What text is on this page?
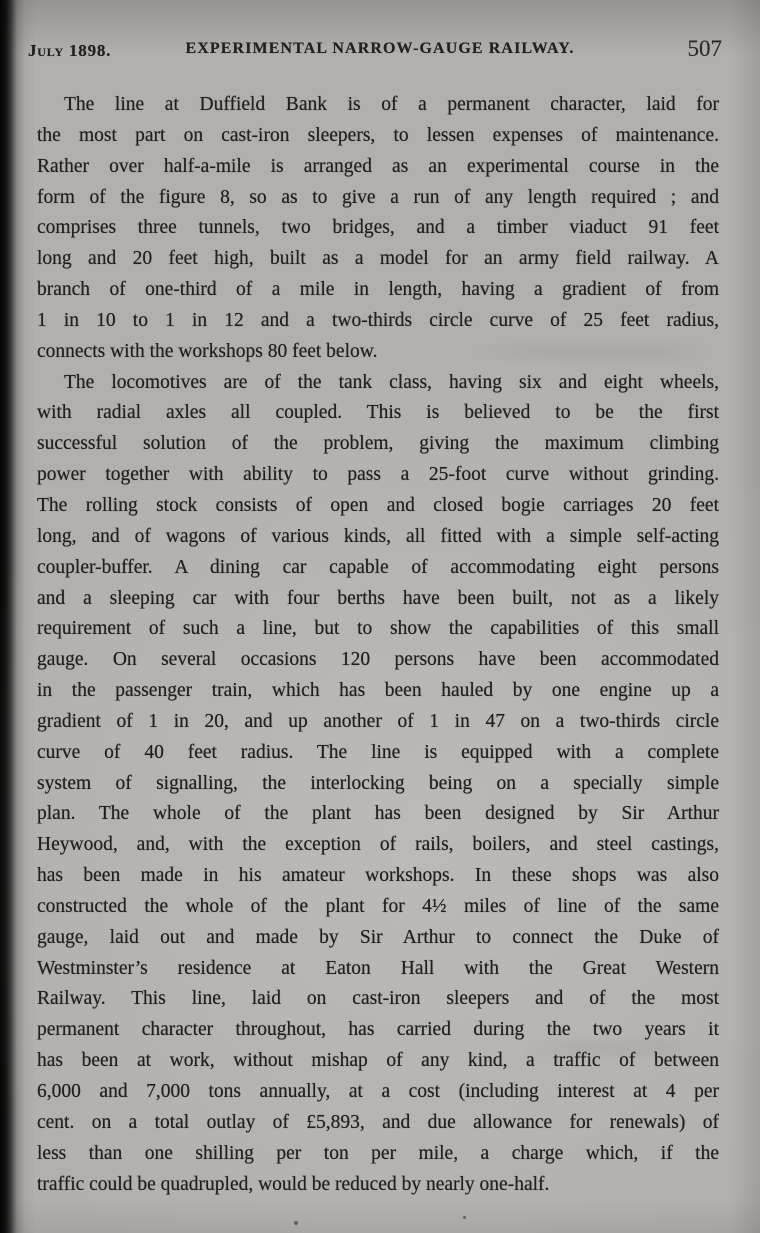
July 1898.	EXPERIMENTAL NARROW-GAUGE RAILWAY.	507
The line at Duffield Bank is of a permanent character, laid for
the most part on cast-iron sleepers, to lessen expenses of maintenance.
Rather over half-a-mile is arranged as an experimental course in the
form of the figure 8, so as to give a run of any length required ; and
comprises three tunnels, two bridges, and a timber viaduct 91 feet
long and 20 feet high, built as a model for an army field railway. A
branch of one-third of a mile in length, having a gradient of from
1 in 10 to 1 in 12 and a two-thirds circle curve of 25 feet radius,
connects with the workshops 80 feet below.
The locomotives are of the tank class, having six and eight wheels,
with radial axles all coupled. This is believed to be the first
successful solution of the problem, giving the maximum climbing
power together with ability to pass a 25-foot curve without grinding.
The rolling stock consists of open and closed bogie carriages 20 feet
long, and of wagons of various kinds, all fitted with a simple self-acting
coupler-buffer. A dining car capable of accommodating eight persons
and a sleeping car with four berths have been built, not as a likely
requirement of such a line, but to show the capabilities of this small
gauge. On several occasions 120 persons have been accommodated
in the passenger train, which has been hauled by one engine up a
gradient of 1 in 20, and up another of 1 in 47 on a two-thirds circle
curve of 40 feet radius. The line is equipped with a complete
system of signalling, the interlocking being on a specially simple
plan. The whole of the plant has been designed by Sir Arthur
Heywood, and, with the exception of rails, boilers, and steel castings,
has been made in his amateur workshops. In these shops was also
constructed the whole of the plant for 4½ miles of line of the same
gauge, laid out and made by Sir Arthur to connect the Duke of
Westminster’s residence at Eaton Hall with the Great Western
Railway. This line, laid on cast-iron sleepers and of the most
permanent character throughout, has carried during the two years it
has been at work, without mishap of any kind, a traffic of between
6,000 and 7,000 tons annually, at a cost (including interest at 4 per
cent. on a total outlay of £5,893, and due allowance for renewals) of
less than one shilling per ton per mile, a charge which, if the
traffic could be quadrupled, would be reduced by nearly one-half.
